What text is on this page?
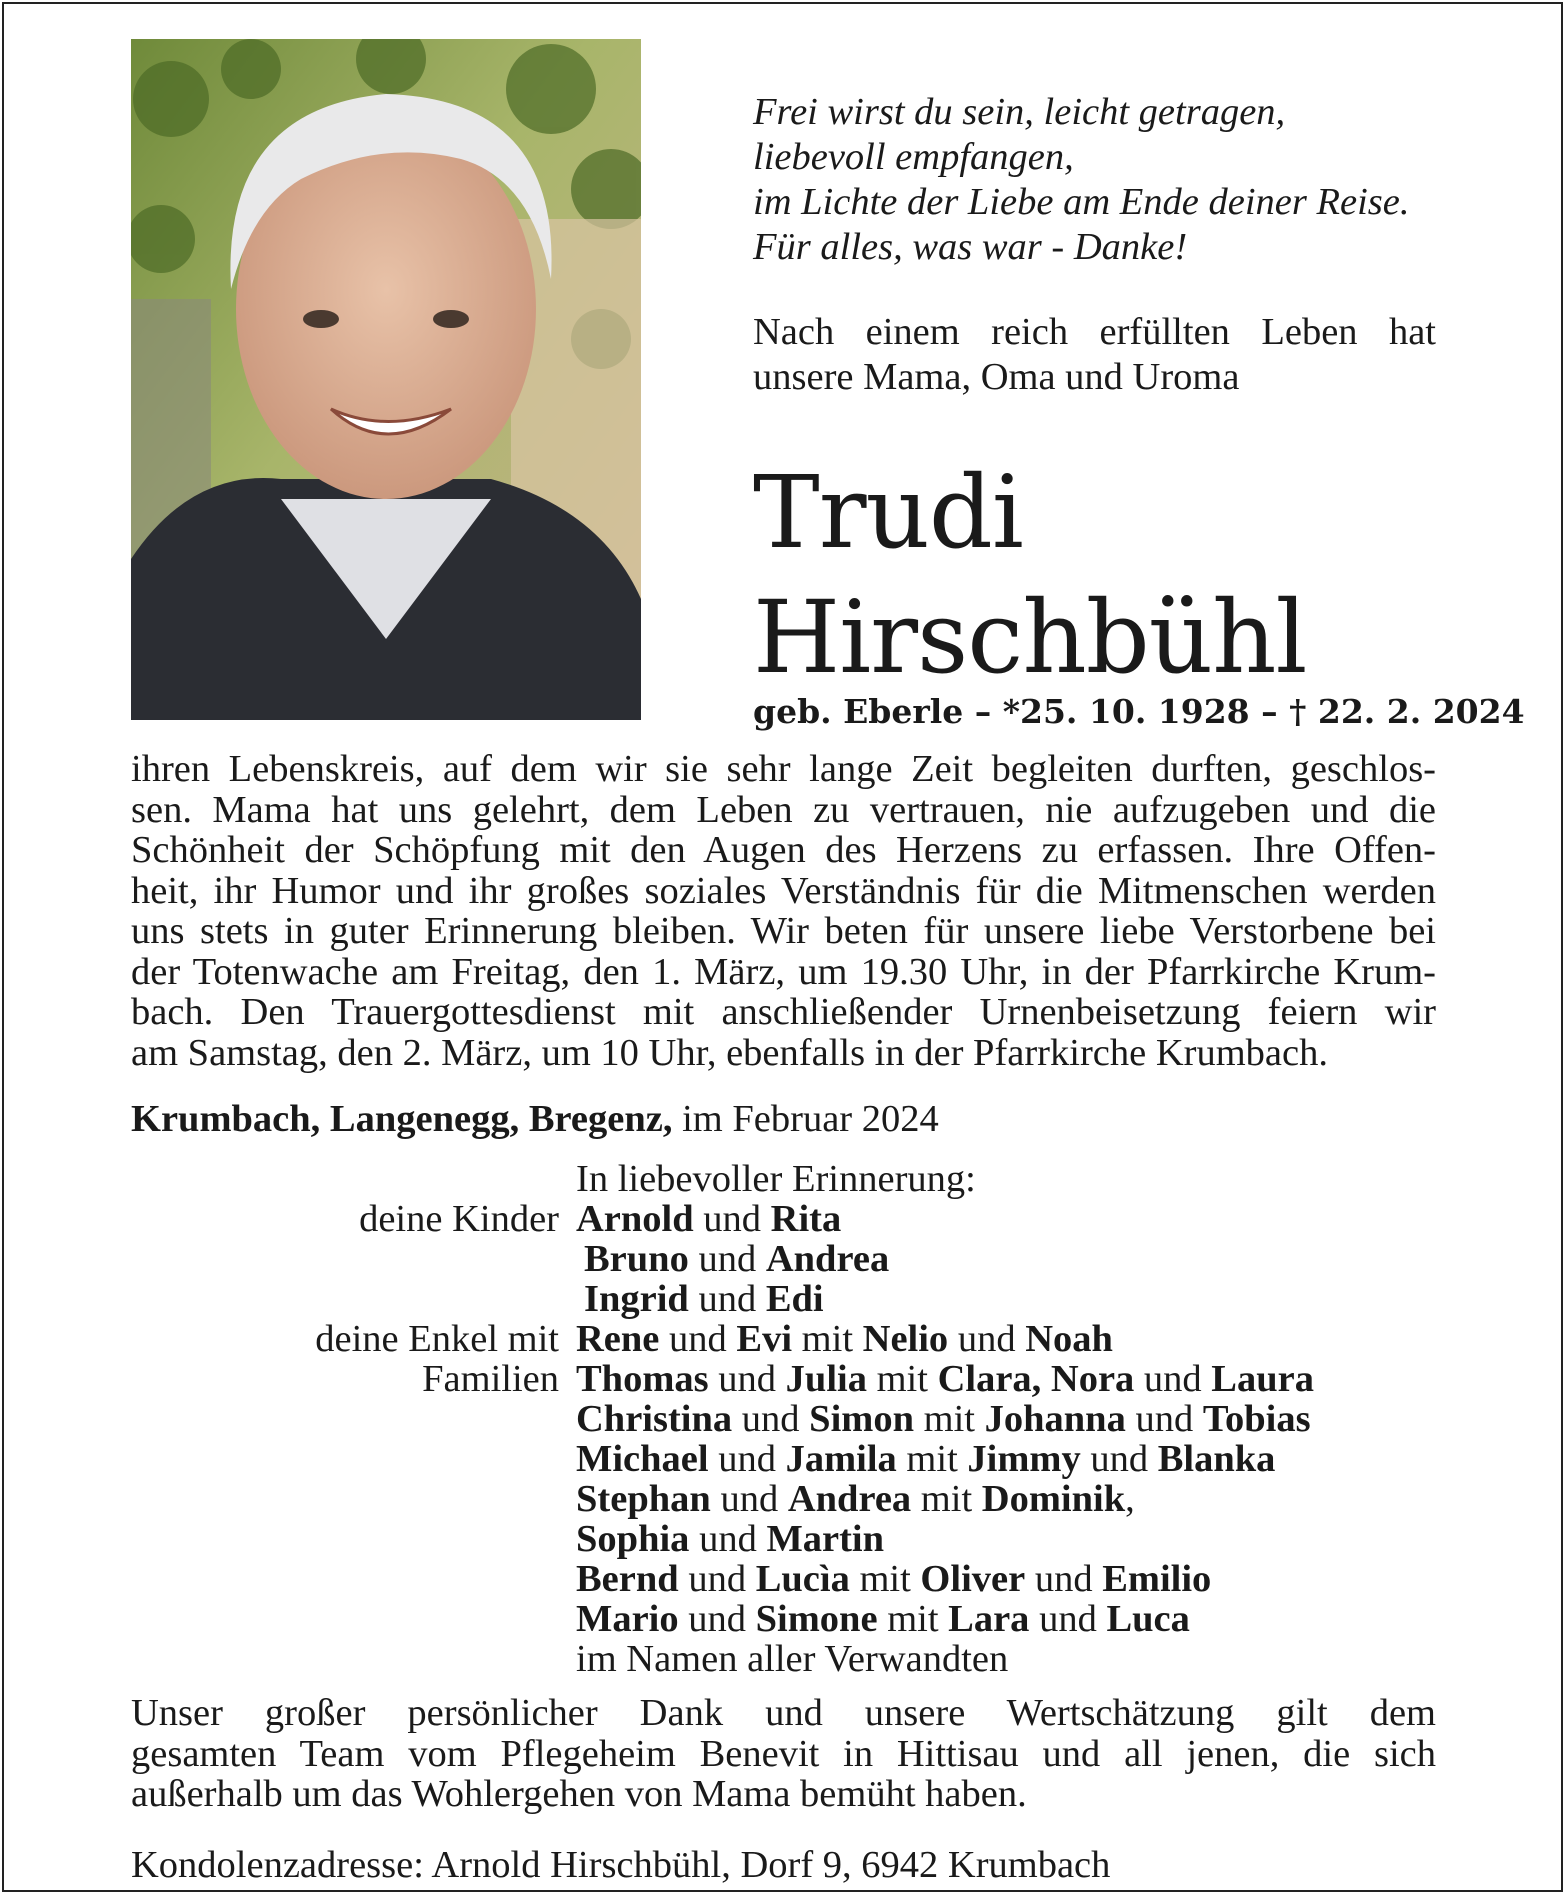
Frei wirst du sein, leicht getragen,
liebevoll empfangen,
im Lichte der Liebe am Ende deiner Reise.
Für alles, was war - Danke!
Nach einem reich erfüllten Leben hat
unsere Mama, Oma und Uroma
Trudi
Hirschbühl
geb. Eberle – *25. 10. 1928 – † 22. 2. 2024
ihren Lebenskreis, auf dem wir sie sehr lange Zeit begleiten durften, geschlos-
sen. Mama hat uns gelehrt, dem Leben zu vertrauen, nie aufzugeben und die
Schönheit der Schöpfung mit den Augen des Herzens zu erfassen. Ihre Offen-
heit, ihr Humor und ihr großes soziales Verständnis für die Mitmenschen werden
uns stets in guter Erinnerung bleiben. Wir beten für unsere liebe Verstorbene bei
der Totenwache am Freitag, den 1. März, um 19.30 Uhr, in der Pfarrkirche Krum-
bach. Den Trauergottesdienst mit anschließender Urnenbeisetzung feiern wir
am Samstag, den 2. März, um 10 Uhr, ebenfalls in der Pfarrkirche Krumbach.
Krumbach, Langenegg, Bregenz, im Februar 2024
In liebevoller Erinnerung:
deine Kinder Arnold und Rita
Bruno und Andrea
Ingrid und Edi
deine Enkel mit Rene und Evi mit Nelio und Noah
Familien Thomas und Julia mit Clara, Nora und Laura
Christina und Simon mit Johanna und Tobias
Michael und Jamila mit Jimmy und Blanka
Stephan und Andrea mit Dominik,
Sophia und Martin
Bernd und Lucìa mit Oliver und Emilio
Mario und Simone mit Lara und Luca
im Namen aller Verwandten
Unser großer persönlicher Dank und unsere Wertschätzung gilt dem
gesamten Team vom Pflegeheim Benevit in Hittisau und all jenen, die sich
außerhalb um das Wohlergehen von Mama bemüht haben.
Kondolenzadresse: Arnold Hirschbühl, Dorf 9, 6942 Krumbach
